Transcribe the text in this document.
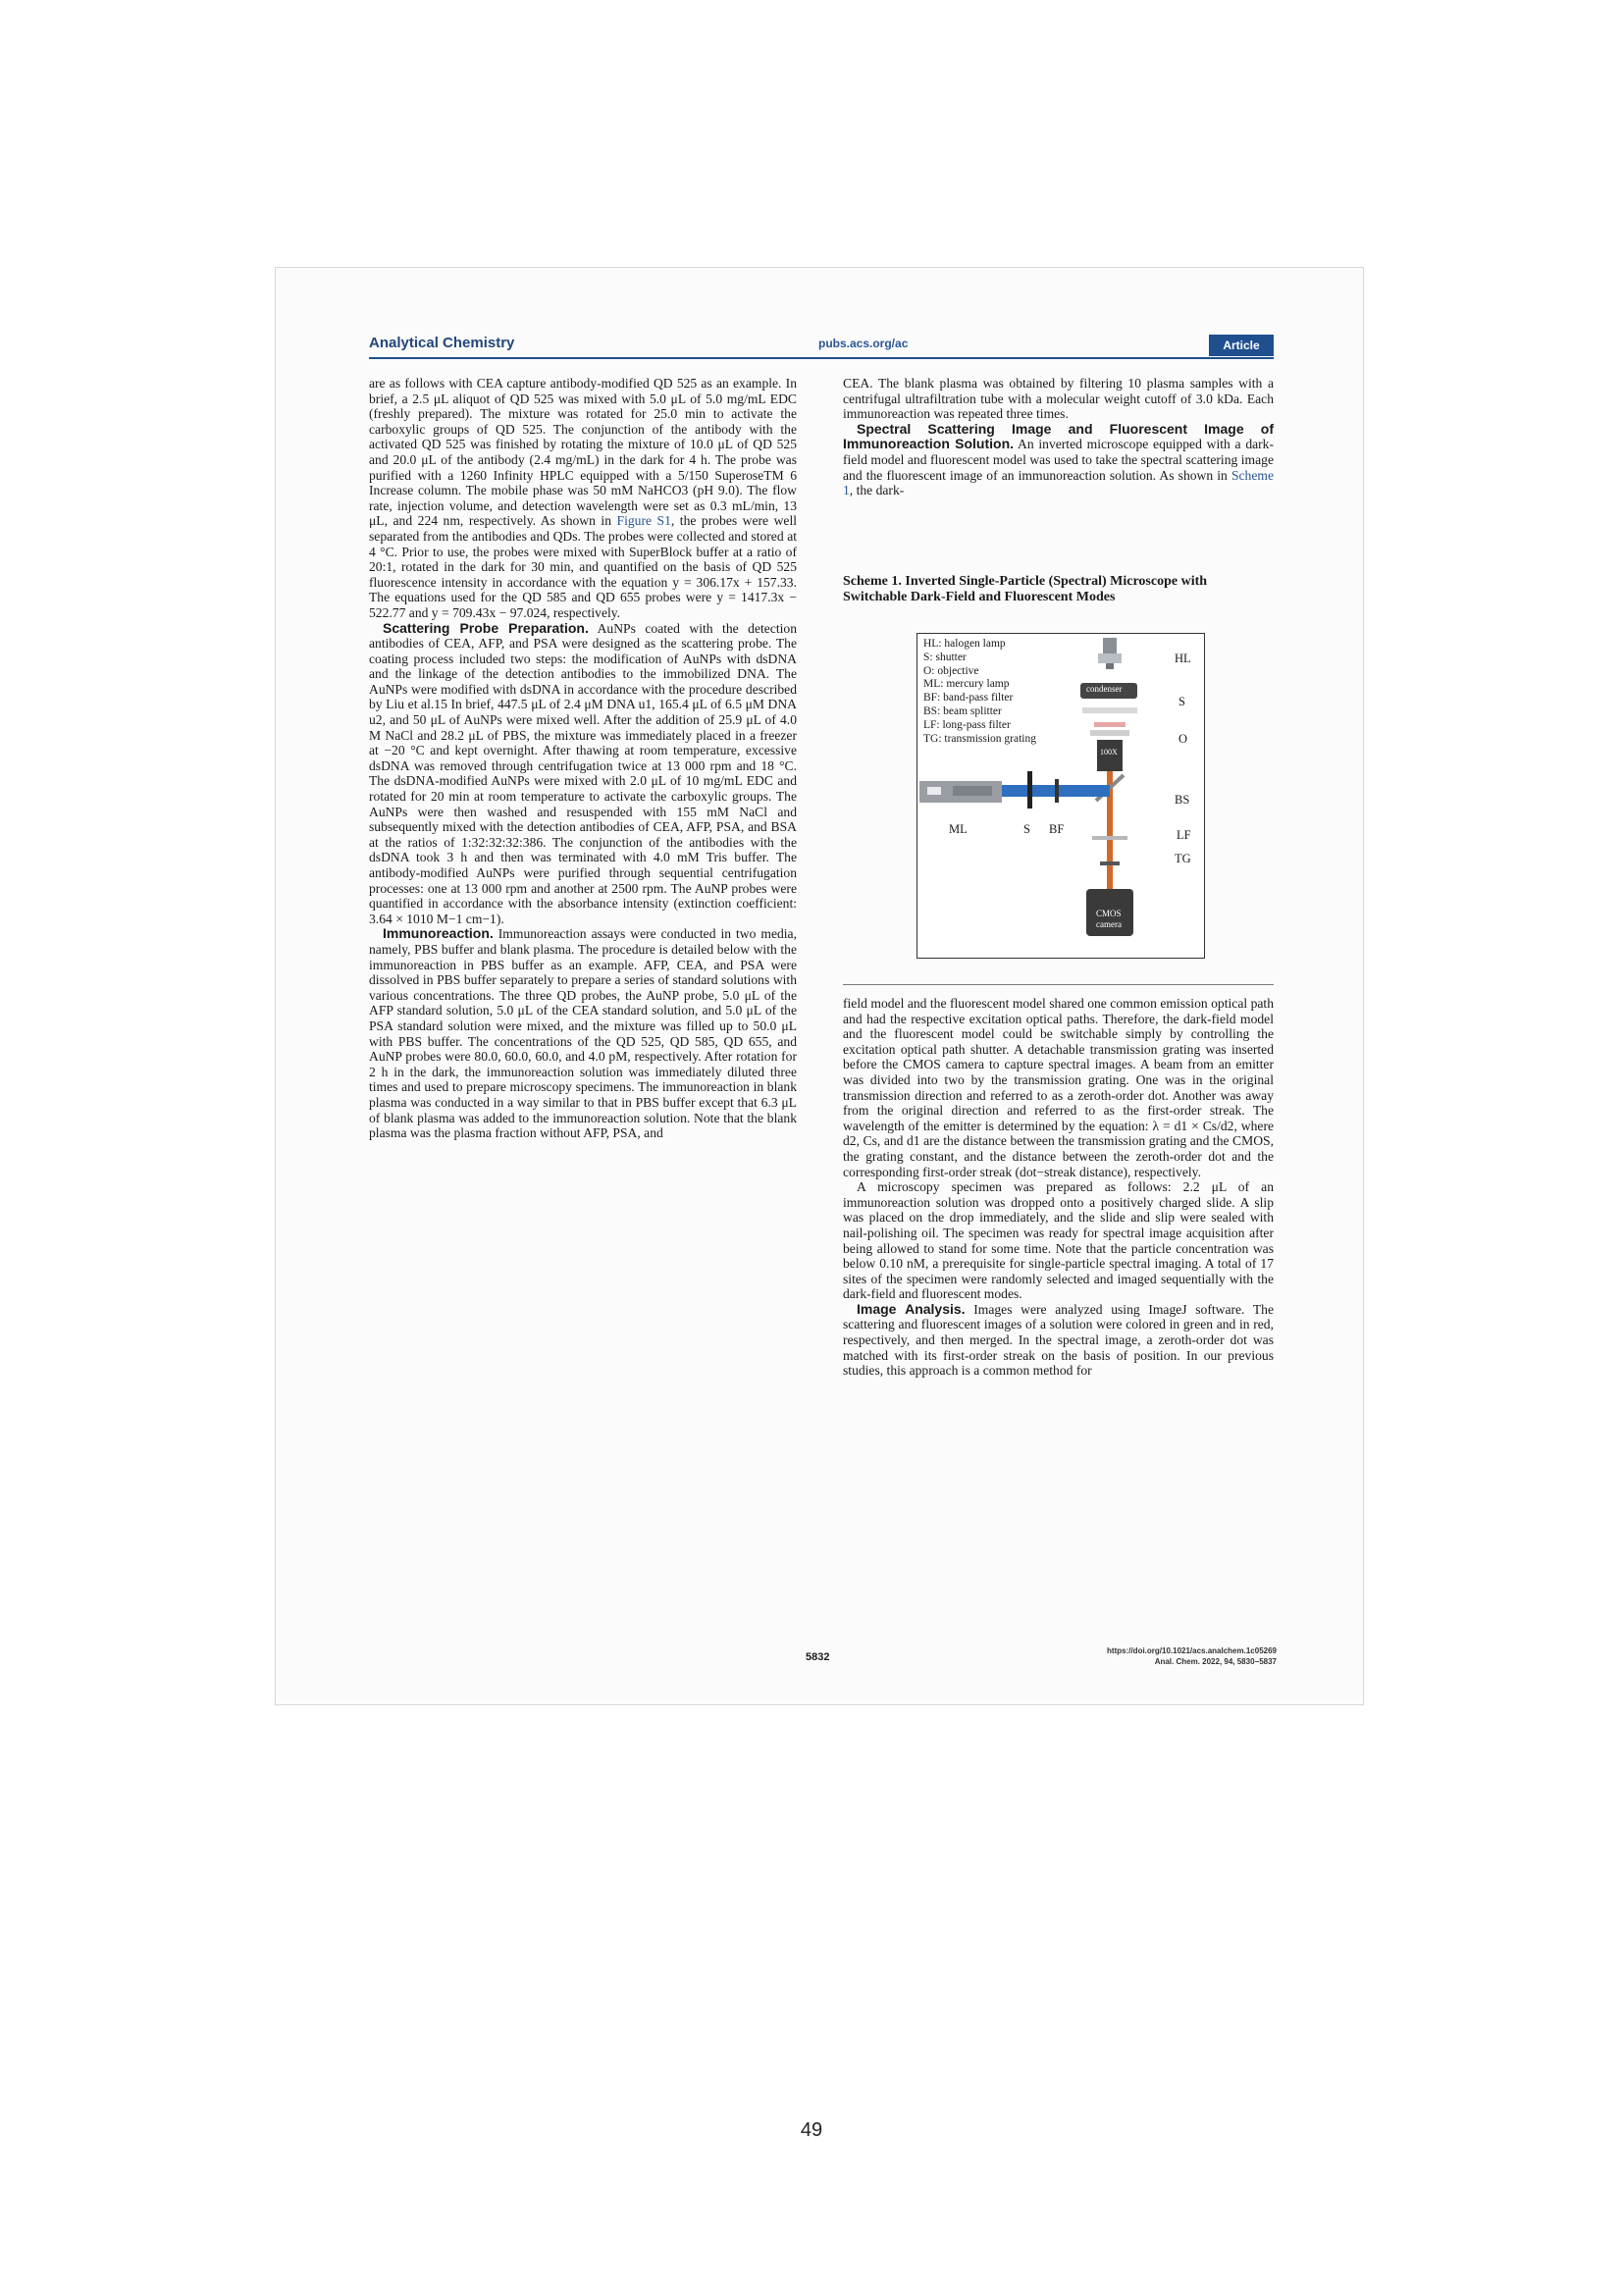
Analytical Chemistry	pubs.acs.org/ac	Article

are as follows with CEA capture antibody-modified QD 525 as an example. In brief, a 2.5 μL aliquot of QD 525 was mixed with 5.0 μL of 5.0 mg/mL EDC (freshly prepared). The mixture was rotated for 25.0 min to activate the carboxylic groups of QD 525. The conjunction of the antibody with the activated QD 525 was finished by rotating the mixture of 10.0 μL of QD 525 and 20.0 μL of the antibody (2.4 mg/mL) in the dark for 4 h. The probe was purified with a 1260 Infinity HPLC equipped with a 5/150 SuperoseTM 6 Increase column. The mobile phase was 50 mM NaHCO3 (pH 9.0). The flow rate, injection volume, and detection wavelength were set as 0.3 mL/min, 13 μL, and 224 nm, respectively. As shown in Figure S1, the probes were well separated from the antibodies and QDs. The probes were collected and stored at 4 °C. Prior to use, the probes were mixed with SuperBlock buffer at a ratio of 20:1, rotated in the dark for 30 min, and quantified on the basis of QD 525 fluorescence intensity in accordance with the equation y = 306.17x + 157.33. The equations used for the QD 585 and QD 655 probes were y = 1417.3x − 522.77 and y = 709.43x − 97.024, respectively.

Scattering Probe Preparation. AuNPs coated with the detection antibodies of CEA, AFP, and PSA were designed as the scattering probe. The coating process included two steps: the modification of AuNPs with dsDNA and the linkage of the detection antibodies to the immobilized DNA. The AuNPs were modified with dsDNA in accordance with the procedure described by Liu et al.15 In brief, 447.5 μL of 2.4 μM DNA u1, 165.4 μL of 6.5 μM DNA u2, and 50 μL of AuNPs were mixed well. After the addition of 25.9 μL of 4.0 M NaCl and 28.2 μL of PBS, the mixture was immediately placed in a freezer at −20 °C and kept overnight. After thawing at room temperature, excessive dsDNA was removed through centrifugation twice at 13 000 rpm and 18 °C. The dsDNA-modified AuNPs were mixed with 2.0 μL of 10 mg/mL EDC and rotated for 20 min at room temperature to activate the carboxylic groups. The AuNPs were then washed and resuspended with 155 mM NaCl and subsequently mixed with the detection antibodies of CEA, AFP, PSA, and BSA at the ratios of 1:32:32:32:386. The conjunction of the antibodies with the dsDNA took 3 h and then was terminated with 4.0 mM Tris buffer. The antibody-modified AuNPs were purified through sequential centrifugation processes: one at 13 000 rpm and another at 2500 rpm. The AuNP probes were quantified in accordance with the absorbance intensity (extinction coefficient: 3.64 × 1010 M−1 cm−1).

Immunoreaction. Immunoreaction assays were conducted in two media, namely, PBS buffer and blank plasma. The procedure is detailed below with the immunoreaction in PBS buffer as an example. AFP, CEA, and PSA were dissolved in PBS buffer separately to prepare a series of standard solutions with various concentrations. The three QD probes, the AuNP probe, 5.0 μL of the AFP standard solution, 5.0 μL of the CEA standard solution, and 5.0 μL of the PSA standard solution were mixed, and the mixture was filled up to 50.0 μL with PBS buffer. The concentrations of the QD 525, QD 585, QD 655, and AuNP probes were 80.0, 60.0, 60.0, and 4.0 pM, respectively. After rotation for 2 h in the dark, the immunoreaction solution was immediately diluted three times and used to prepare microscopy specimens. The immunoreaction in blank plasma was conducted in a way similar to that in PBS buffer except that 6.3 μL of blank plasma was added to the immunoreaction solution. Note that the blank plasma was the plasma fraction without AFP, PSA, and

CEA. The blank plasma was obtained by filtering 10 plasma samples with a centrifugal ultrafiltration tube with a molecular weight cutoff of 3.0 kDa. Each immunoreaction was repeated three times.

Spectral Scattering Image and Fluorescent Image of Immunoreaction Solution. An inverted microscope equipped with a dark-field model and fluorescent model was used to take the spectral scattering image and the fluorescent image of an immunoreaction solution. As shown in Scheme 1, the dark-

Scheme 1. Inverted Single-Particle (Spectral) Microscope with Switchable Dark-Field and Fluorescent Modes

HL: halogen lamp
S: shutter
O: objective
ML: mercury lamp
BF: band-pass filter
BS: beam splitter
LF: long-pass filter
TG: transmission grating
HL
condenser
S
O
100X
BS
LF
TG
ML	S BF
CMOS
camera

field model and the fluorescent model shared one common emission optical path and had the respective excitation optical paths. Therefore, the dark-field model and the fluorescent model could be switchable simply by controlling the excitation optical path shutter. A detachable transmission grating was inserted before the CMOS camera to capture spectral images. A beam from an emitter was divided into two by the transmission grating. One was in the original transmission direction and referred to as a zeroth-order dot. Another was away from the original direction and referred to as the first-order streak. The wavelength of the emitter is determined by the equation: λ = d1 × Cs/d2, where d2, Cs, and d1 are the distance between the transmission grating and the CMOS, the grating constant, and the distance between the zeroth-order dot and the corresponding first-order streak (dot−streak distance), respectively.

A microscopy specimen was prepared as follows: 2.2 μL of an immunoreaction solution was dropped onto a positively charged slide. A slip was placed on the drop immediately, and the slide and slip were sealed with nail-polishing oil. The specimen was ready for spectral image acquisition after being allowed to stand for some time. Note that the particle concentration was below 0.10 nM, a prerequisite for single-particle spectral imaging. A total of 17 sites of the specimen were randomly selected and imaged sequentially with the dark-field and fluorescent modes.

Image Analysis. Images were analyzed using ImageJ software. The scattering and fluorescent images of a solution were colored in green and in red, respectively, and then merged. In the spectral image, a zeroth-order dot was matched with its first-order streak on the basis of position. In our previous studies, this approach is a common method for

5832
https://doi.org/10.1021/acs.analchem.1c05269
Anal. Chem. 2022, 94, 5830−5837
49
